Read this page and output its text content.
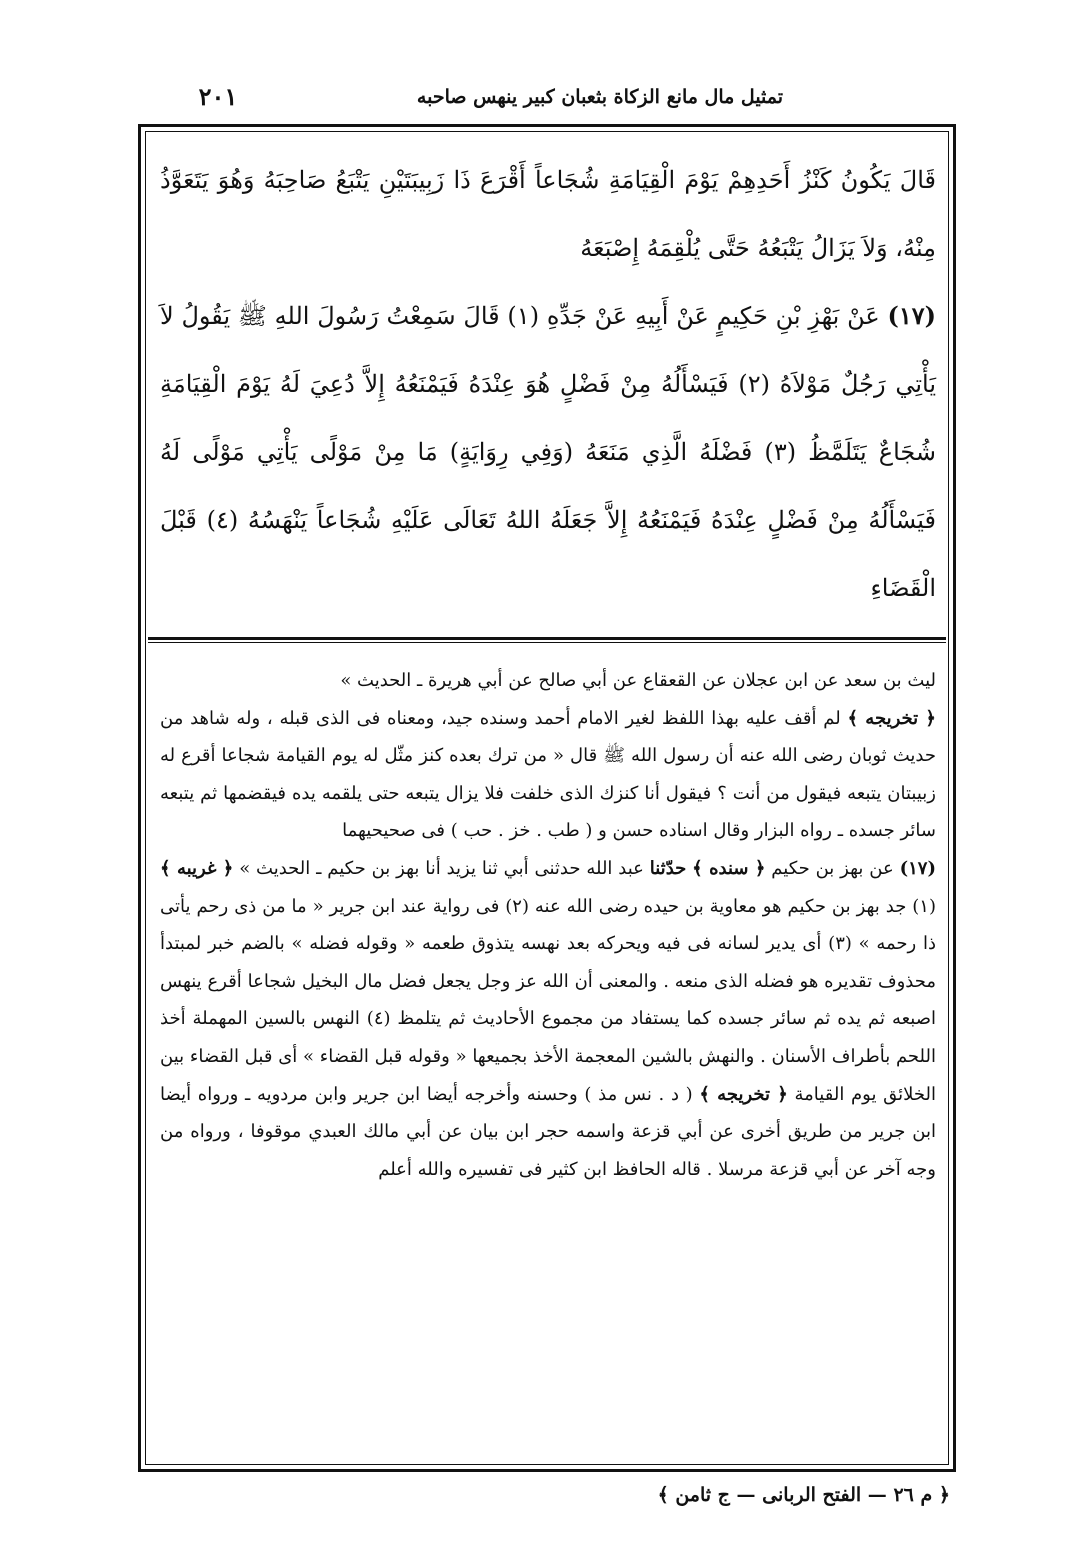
تمثيل مال مانع الزكاة بثعبان كبير ينهس صاحبه
٢٠١

قَالَ يَكُونُ كَنْزُ أَحَدِهِمْ يَوْمَ الْقِيَامَةِ شُجَاعاً أَقْرَعَ ذَا زَبِيبَتَيْنِ يَتْبَعُ صَاحِبَهُ وَهُوَ يَتَعَوَّذُ مِنْهُ، وَلاَ يَزَالُ يَتْبَعُهُ حَتَّى يُلْقِمَهُ إِصْبَعَهُ

(١٧) عَنْ بَهْزِ بْنِ حَكِيمٍ عَنْ أَبِيهِ عَنْ جَدِّهِ (١) قَالَ سَمِعْتُ رَسُولَ اللهِ ﷺ يَقُولُ لاَ يَأْتِي رَجُلٌ مَوْلاَهُ (٢) فَيَسْأَلُهُ مِنْ فَضْلٍ هُوَ عِنْدَهُ فَيَمْنَعُهُ إِلاَّ دُعِيَ لَهُ يَوْمَ الْقِيَامَةِ شُجَاعٌ يَتَلَمَّظُ (٣) فَضْلَهُ الَّذِي مَنَعَهُ (وَفِي رِوَايَةٍ) مَا مِنْ مَوْلًى يَأْتِي مَوْلًى لَهُ فَيَسْأَلُهُ مِنْ فَضْلٍ عِنْدَهُ فَيَمْنَعُهُ إِلاَّ جَعَلَهُ اللهُ تَعَالَى عَلَيْهِ شُجَاعاً يَنْهَسُهُ (٤) قَبْلَ الْقَضَاءِ

ليث بن سعد عن ابن عجلان عن القعقاع عن أبي صالح عن أبي هريرة ـ الحديث »

﴿ تخريجه ﴾ لم أقف عليه بهذا اللفظ لغير الامام أحمد وسنده جيد، ومعناه فى الذى قبله ، وله شاهد من حديث ثوبان رضى الله عنه أن رسول الله ﷺ قال « من ترك بعده كنز مثّل له يوم القيامة شجاعا أقرع له زبيبتان يتبعه فيقول من أنت ؟ فيقول أنا كنزك الذى خلفت فلا يزال يتبعه حتى يلقمه يده فيقضمها ثم يتبعه سائر جسده ـ رواه البزار وقال اسناده حسن و ( طب . خز . حب ) فى صحيحيهما

(١٧) عن بهز بن حكيم ﴿ سنده ﴾ حدّثنا عبد الله حدثنى أبي ثنا يزيد أنا بهز بن حكيم ـ الحديث » ﴿ غريبه ﴾ (١) جد بهز بن حكيم هو معاوية بن حيده رضى الله عنه (٢) فى رواية عند ابن جرير « ما من ذى رحم يأتى ذا رحمه » (٣) أى يدير لسانه فى فيه ويحركه بعد نهسه يتذوق طعمه « وقوله فضله » بالضم خبر لمبتدأ محذوف تقديره هو فضله الذى منعه . والمعنى أن الله عز وجل يجعل فضل مال البخيل شجاعا أقرع ينهس اصبعه ثم يده ثم سائر جسده كما يستفاد من مجموع الأحاديث ثم يتلمظ (٤) النهس بالسين المهملة أخذ اللحم بأطراف الأسنان . والنهش بالشين المعجمة الأخذ بجميعها « وقوله قبل القضاء » أى قبل القضاء بين الخلائق يوم القيامة ﴿ تخريجه ﴾ ( د . نس مذ ) وحسنه وأخرجه أيضا ابن جرير وابن مردويه ـ ورواه أيضا ابن جرير من طريق أخرى عن أبي قزعة واسمه حجر ابن بيان عن أبي مالك العبدي موقوفا ، ورواه من وجه آخر عن أبي قزعة مرسلا . قاله الحافظ ابن كثير فى تفسيره والله أعلم

﴿ م ٢٦ — الفتح الربانى — ج ثامن ﴾
